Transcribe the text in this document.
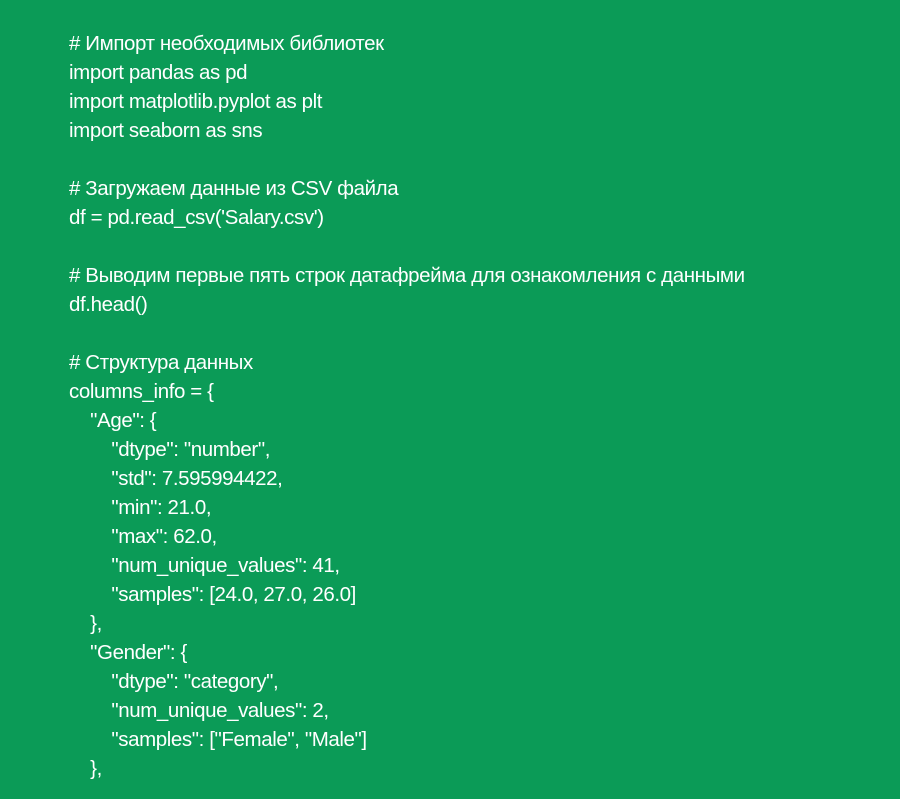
# Импорт необходимых библиотек
import pandas as pd
import matplotlib.pyplot as plt
import seaborn as sns
# Загружаем данные из CSV файла
df = pd.read_csv('Salary.csv')
# Выводим первые пять строк датафрейма для ознакомления с данными
df.head()
# Структура данных
columns_info = {
"Age": {
"dtype": "number",
"std": 7.595994422,
"min": 21.0,
"max": 62.0,
"num_unique_values": 41,
"samples": [24.0, 27.0, 26.0]
},
"Gender": {
"dtype": "category",
"num_unique_values": 2,
"samples": ["Female", "Male"]
},
